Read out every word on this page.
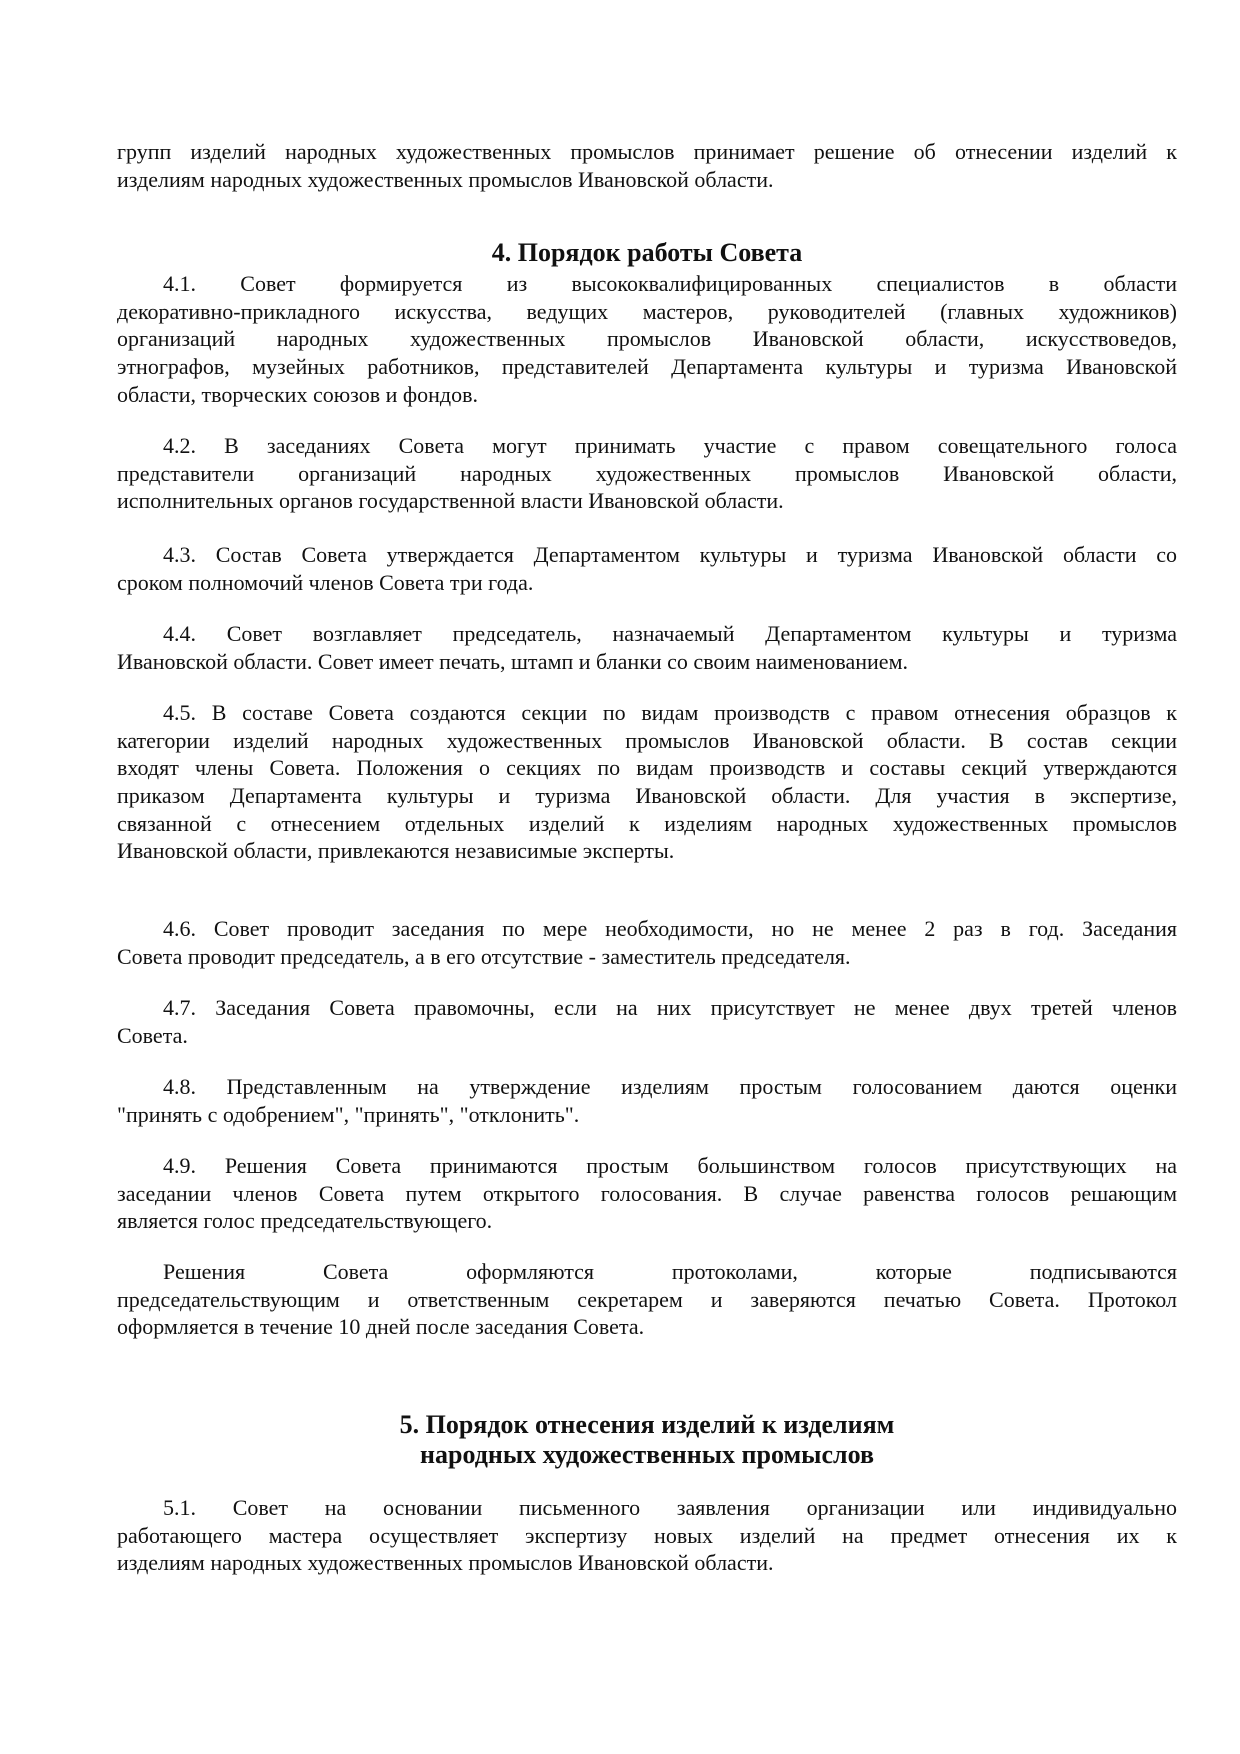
4. Порядок работы Совета
5. Порядок отнесения изделий к изделиям
народных художественных промыслов
групп изделий народных художественных промыслов принимает решение об отнесении изделий к
изделиям народных художественных промыслов Ивановской области.
4.1. Совет формируется из высококвалифицированных специалистов в области
декоративно-прикладного искусства, ведущих мастеров, руководителей (главных художников)
организаций народных художественных промыслов Ивановской области, искусствоведов,
этнографов, музейных работников, представителей Департамента культуры и туризма Ивановской
области, творческих союзов и фондов.
4.2. В заседаниях Совета могут принимать участие с правом совещательного голоса
представители организаций народных художественных промыслов Ивановской области,
исполнительных органов государственной власти Ивановской области.
4.3. Состав Совета утверждается Департаментом культуры и туризма Ивановской области со
сроком полномочий членов Совета три года.
4.4. Совет возглавляет председатель, назначаемый Департаментом культуры и туризма
Ивановской области. Совет имеет печать, штамп и бланки со своим наименованием.
4.5. В составе Совета создаются секции по видам производств с правом отнесения образцов к
категории изделий народных художественных промыслов Ивановской области. В состав секции
входят члены Совета. Положения о секциях по видам производств и составы секций утверждаются
приказом Департамента культуры и туризма Ивановской области. Для участия в экспертизе,
связанной с отнесением отдельных изделий к изделиям народных художественных промыслов
Ивановской области, привлекаются независимые эксперты.
4.6. Совет проводит заседания по мере необходимости, но не менее 2 раз в год. Заседания
Совета проводит председатель, а в его отсутствие - заместитель председателя.
4.7. Заседания Совета правомочны, если на них присутствует не менее двух третей членов
Совета.
4.8. Представленным на утверждение изделиям простым голосованием даются оценки
"принять с одобрением", "принять", "отклонить".
4.9. Решения Совета принимаются простым большинством голосов присутствующих на
заседании членов Совета путем открытого голосования. В случае равенства голосов решающим
является голос председательствующего.
Решения Совета оформляются протоколами, которые подписываются
председательствующим и ответственным секретарем и заверяются печатью Совета. Протокол
оформляется в течение 10 дней после заседания Совета.
5.1. Совет на основании письменного заявления организации или индивидуально
работающего мастера осуществляет экспертизу новых изделий на предмет отнесения их к
изделиям народных художественных промыслов Ивановской области.
